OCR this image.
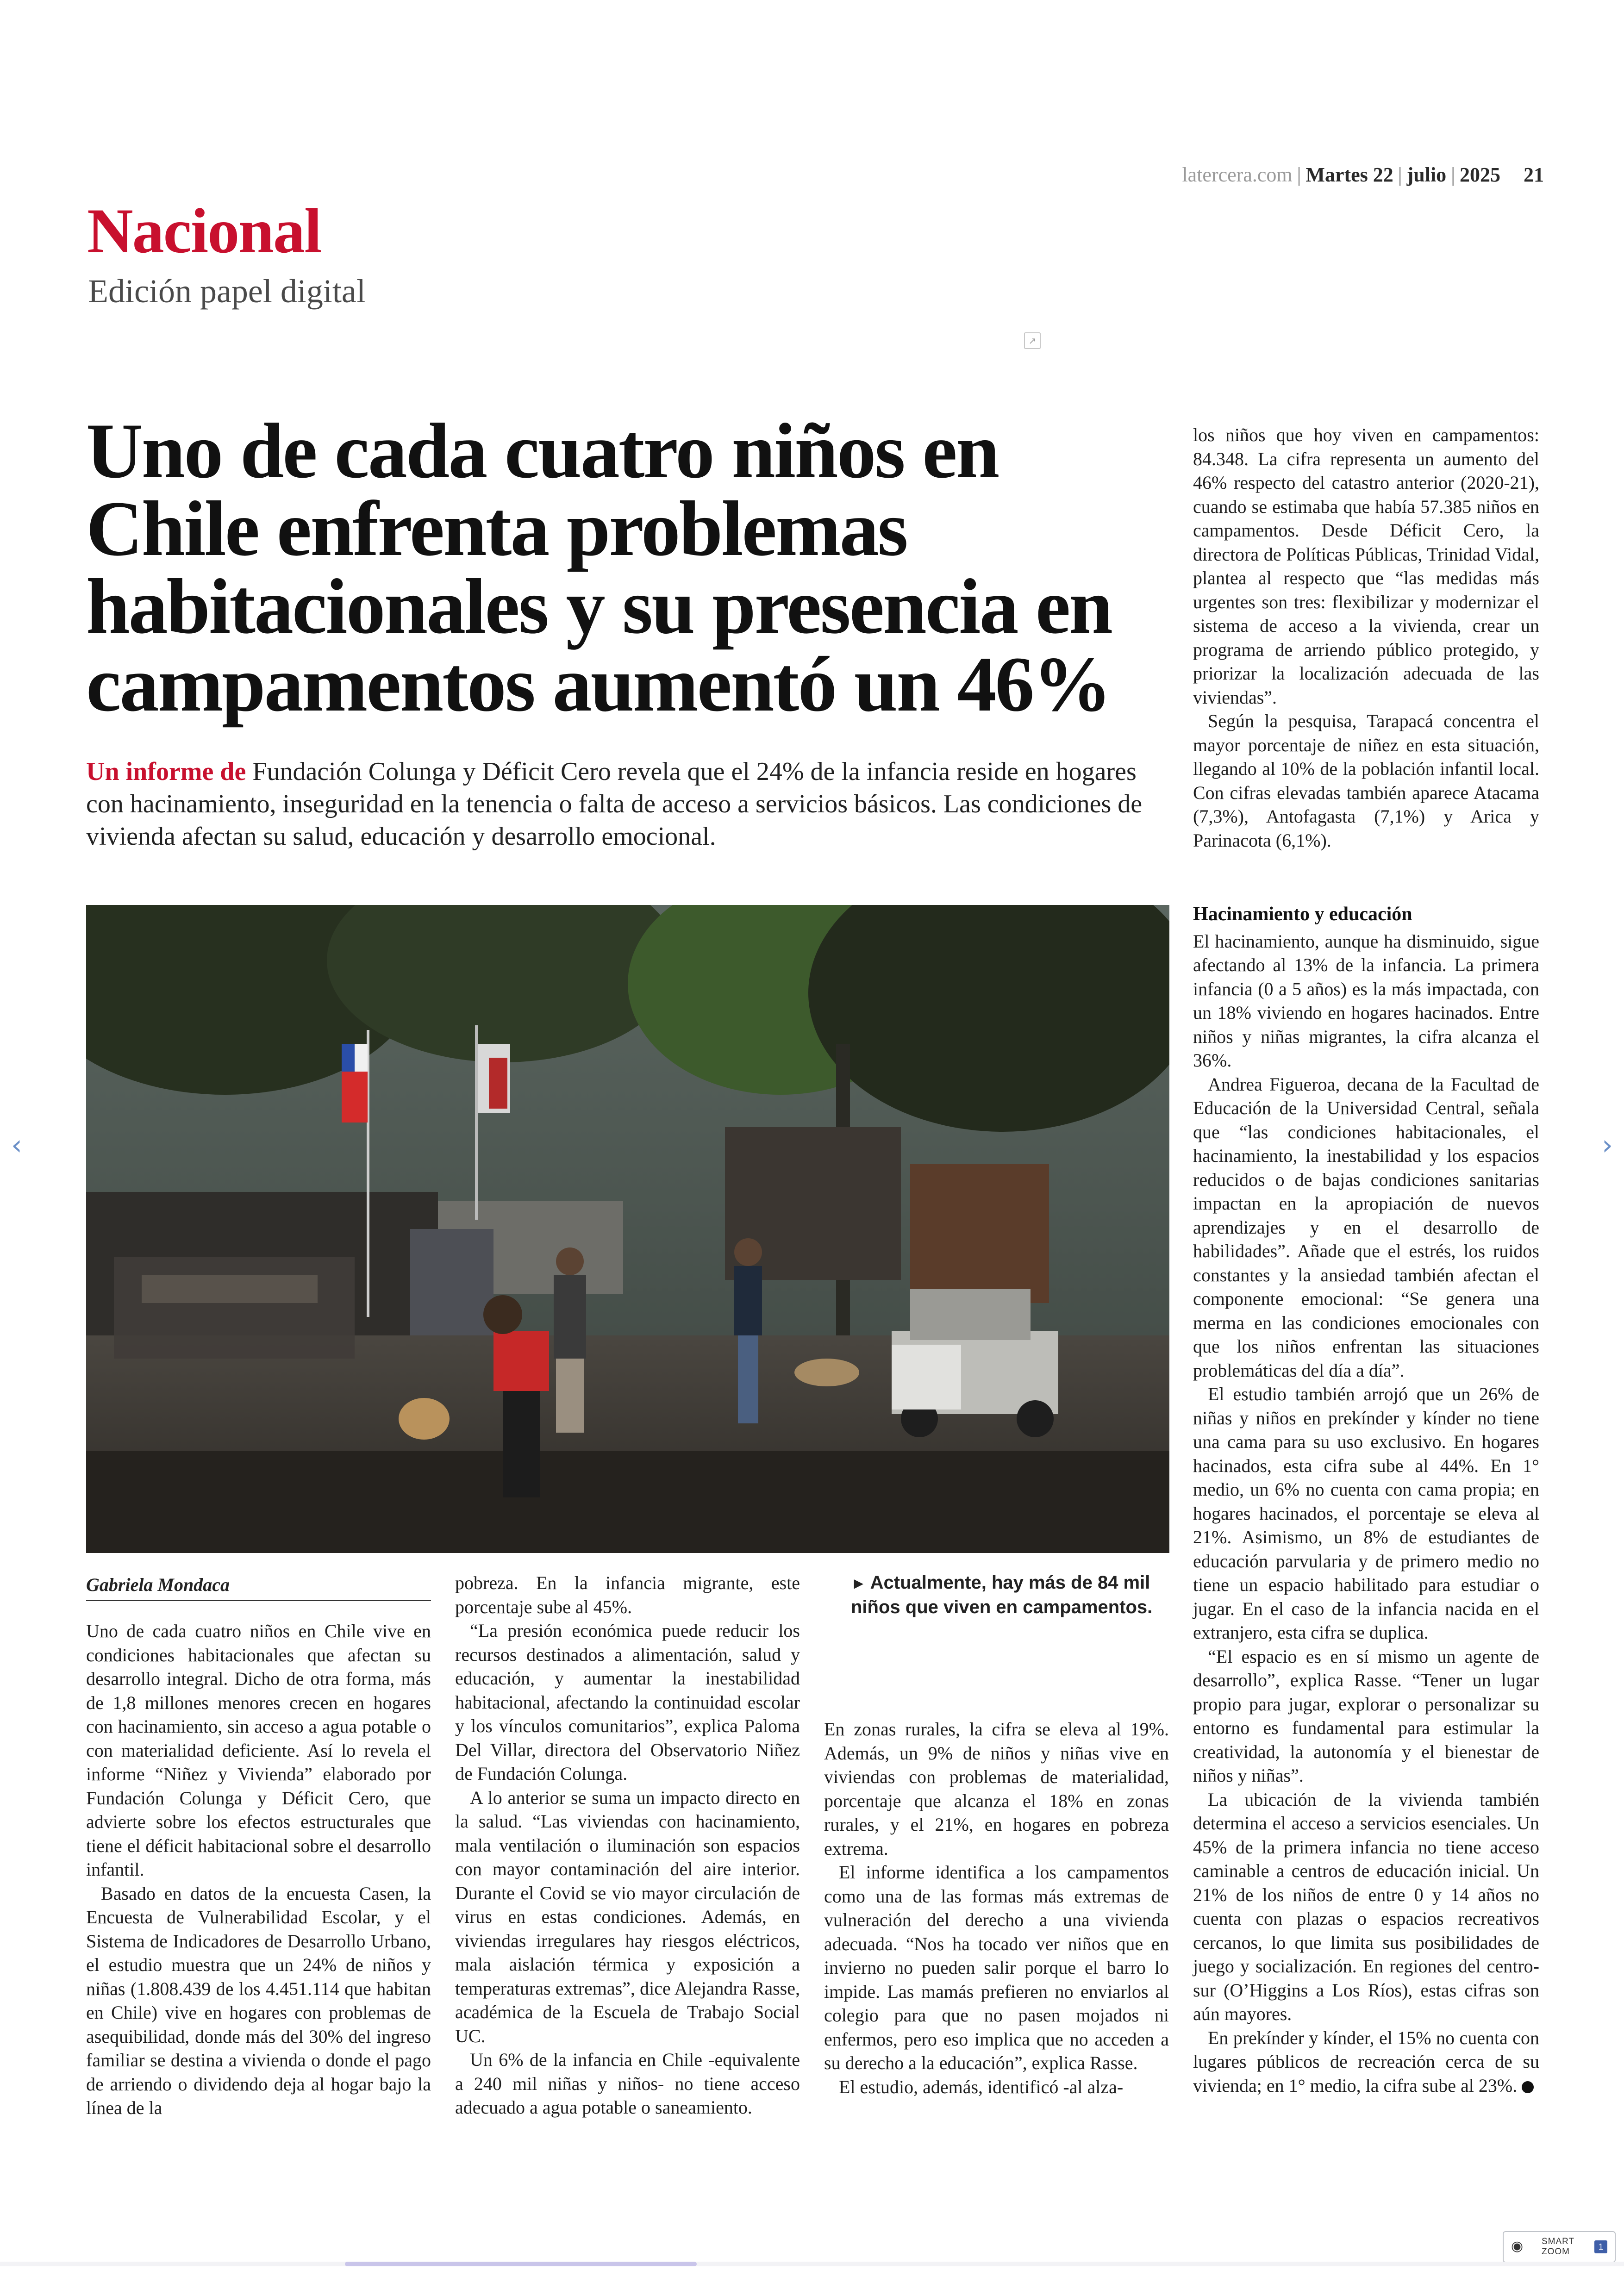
latercera.com | Martes 22 | julio | 2025 21
Nacional
Edición papel digital
↗
Uno de cada cuatro niños en Chile enfrenta problemas habitacionales y su presencia en campamentos aumentó un 46%

Un informe de Fundación Colunga y Déficit Cero revela que el 24% de la infancia reside en hogares con hacinamiento, inseguridad en la tenencia o falta de acceso a servicios básicos. Las condiciones de vivienda afectan su salud, educación y desarrollo emocional.

Gabriela Mondaca

Uno de cada cuatro niños en Chile vive en condiciones habitacionales que afectan su desarrollo integral. Dicho de otra forma, más de 1,8 millones menores crecen en hogares con hacinamiento, sin acceso a agua potable o con materialidad deficiente. Así lo revela el informe “Niñez y Vivienda” elaborado por Fundación Colunga y Déficit Cero, que advierte sobre los efectos estructurales que tiene el déficit habitacional sobre el desarrollo infantil.

Basado en datos de la encuesta Casen, la Encuesta de Vulnerabilidad Escolar, y el Sistema de Indicadores de Desarrollo Urbano, el estudio muestra que un 24% de niños y niñas (1.808.439 de los 4.451.114 que habitan en Chile) vive en hogares con problemas de asequibilidad, donde más del 30% del ingreso familiar se destina a vivienda o donde el pago de arriendo o dividendo deja al hogar bajo la línea de la

pobreza. En la infancia migrante, este porcentaje sube al 45%.

“La presión económica puede reducir los recursos destinados a alimentación, salud y educación, y aumentar la inestabilidad habitacional, afectando la continuidad escolar y los vínculos comunitarios”, explica Paloma Del Villar, directora del Observatorio Niñez de Fundación Colunga.

A lo anterior se suma un impacto directo en la salud. “Las viviendas con hacinamiento, mala ventilación o iluminación son espacios con mayor contaminación del aire interior. Durante el Covid se vio mayor circulación de virus en estas condiciones. Además, en viviendas irregulares hay riesgos eléctricos, mala aislación térmica y exposición a temperaturas extremas”, dice Alejandra Rasse, académica de la Escuela de Trabajo Social UC.

Un 6% de la infancia en Chile -equivalente a 240 mil niñas y niños- no tiene acceso adecuado a agua potable o saneamiento.

► Actualmente, hay más de 84 mil niños que viven en campamentos.

En zonas rurales, la cifra se eleva al 19%. Además, un 9% de niños y niñas vive en viviendas con problemas de materialidad, porcentaje que alcanza el 18% en zonas rurales, y el 21%, en hogares en pobreza extrema.

El informe identifica a los campamentos como una de las formas más extremas de vulneración del derecho a una vivienda adecuada. “Nos ha tocado ver niños que en invierno no pueden salir porque el barro lo impide. Las mamás prefieren no enviarlos al colegio para que no pasen mojados ni enfermos, pero eso implica que no acceden a su derecho a la educación”, explica Rasse.

El estudio, además, identificó -al alza-

los niños que hoy viven en campamentos: 84.348. La cifra representa un aumento del 46% respecto del catastro anterior (2020-21), cuando se estimaba que había 57.385 niños en campamentos. Desde Déficit Cero, la directora de Políticas Públicas, Trinidad Vidal, plantea al respecto que “las medidas más urgentes son tres: flexibilizar y modernizar el sistema de acceso a la vivienda, crear un programa de arriendo público protegido, y priorizar la localización adecuada de las viviendas”.

Según la pesquisa, Tarapacá concentra el mayor porcentaje de niñez en esta situación, llegando al 10% de la población infantil local. Con cifras elevadas también aparece Atacama (7,3%), Antofagasta (7,1%) y Arica y Parinacota (6,1%).

Hacinamiento y educación

El hacinamiento, aunque ha disminuido, sigue afectando al 13% de la infancia. La primera infancia (0 a 5 años) es la más impactada, con un 18% viviendo en hogares hacinados. Entre niños y niñas migrantes, la cifra alcanza el 36%.

Andrea Figueroa, decana de la Facultad de Educación de la Universidad Central, señala que “las condiciones habitacionales, el hacinamiento, la inestabilidad y los espacios reducidos o de bajas condiciones sanitarias impactan en la apropiación de nuevos aprendizajes y en el desarrollo de habilidades”. Añade que el estrés, los ruidos constantes y la ansiedad también afectan el componente emocional: “Se genera una merma en las condiciones emocionales con que los niños enfrentan las situaciones problemáticas del día a día”.

El estudio también arrojó que un 26% de niñas y niños en prekínder y kínder no tiene una cama para su uso exclusivo. En hogares hacinados, esta cifra sube al 44%. En 1° medio, un 6% no cuenta con cama propia; en hogares hacinados, el porcentaje se eleva al 21%. Asimismo, un 8% de estudiantes de educación parvularia y de primero medio no tiene un espacio habilitado para estudiar o jugar. En el caso de la infancia nacida en el extranjero, esta cifra se duplica.

“El espacio es en sí mismo un agente de desarrollo”, explica Rasse. “Tener un lugar propio para jugar, explorar o personalizar su entorno es fundamental para estimular la creatividad, la autonomía y el bienestar de niños y niñas”.

La ubicación de la vivienda también determina el acceso a servicios esenciales. Un 45% de la primera infancia no tiene acceso caminable a centros de educación inicial. Un 21% de los niños de entre 0 y 14 años no cuenta con plazas o espacios recreativos cercanos, lo que limita sus posibilidades de juego y socialización. En regiones del centro-sur (O’Higgins a Los Ríos), estas cifras son aún mayores.

En prekínder y kínder, el 15% no cuenta con lugares públicos de recreación cerca de su vivienda; en 1° medio, la cifra sube al 23%.

‹	›
◉ SMART
ZOOM	1
